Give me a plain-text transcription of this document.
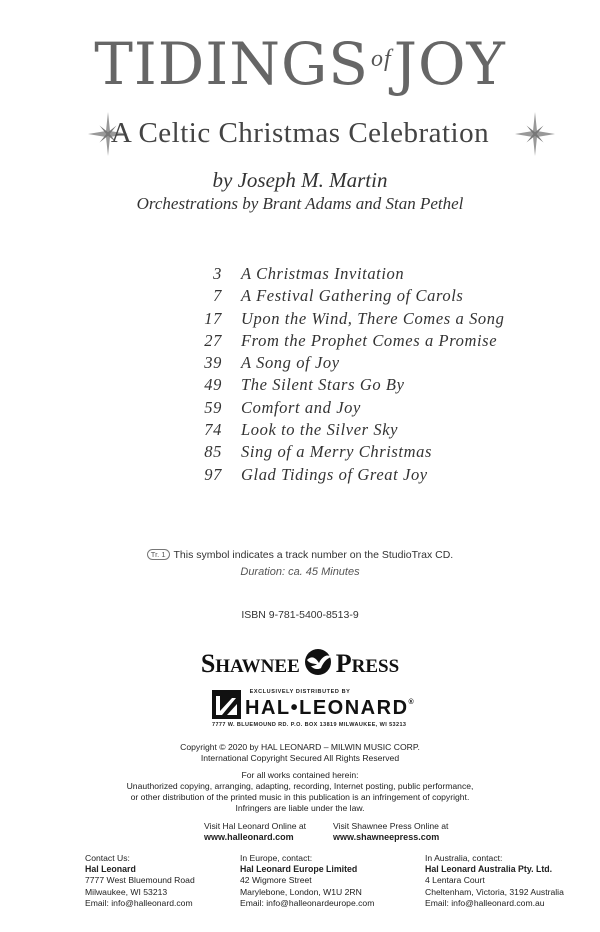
TIDINGSofJOY
A Celtic Christmas Celebration
by Joseph M. Martin
Orchestrations by Brant Adams and Stan Pethel
3 A Christmas Invitation
7 A Festival Gathering of Carols
17 Upon the Wind, There Comes a Song
27 From the Prophet Comes a Promise
39 A Song of Joy
49 The Silent Stars Go By
59 Comfort and Joy
74 Look to the Silver Sky
85 Sing of a Merry Christmas
97 Glad Tidings of Great Joy
Tr. 1 This symbol indicates a track number on the StudioTrax CD.
Duration: ca. 45 Minutes
ISBN 9-781-5400-8513-9
SHAWNEE PRESS
EXCLUSIVELY DISTRIBUTED BY
HAL•LEONARD®
7777 W. BLUEMOUND RD. P.O. BOX 13819 MILWAUKEE, WI 53213
Copyright © 2020 by HAL LEONARD – MILWIN MUSIC CORP.
International Copyright Secured All Rights Reserved
For all works contained herein:
Unauthorized copying, arranging, adapting, recording, Internet posting, public performance,
or other distribution of the printed music in this publication is an infringement of copyright.
Infringers are liable under the law.
Visit Hal Leonard Online at
www.halleonard.com
Visit Shawnee Press Online at
www.shawneepress.com
Contact Us:
Hal Leonard
7777 West Bluemound Road
Milwaukee, WI 53213
Email: info@halleonard.com
In Europe, contact:
Hal Leonard Europe Limited
42 Wigmore Street
Marylebone, London, W1U 2RN
Email: info@halleonardeurope.com
In Australia, contact:
Hal Leonard Australia Pty. Ltd.
4 Lentara Court
Cheltenham, Victoria, 3192 Australia
Email: info@halleonard.com.au
